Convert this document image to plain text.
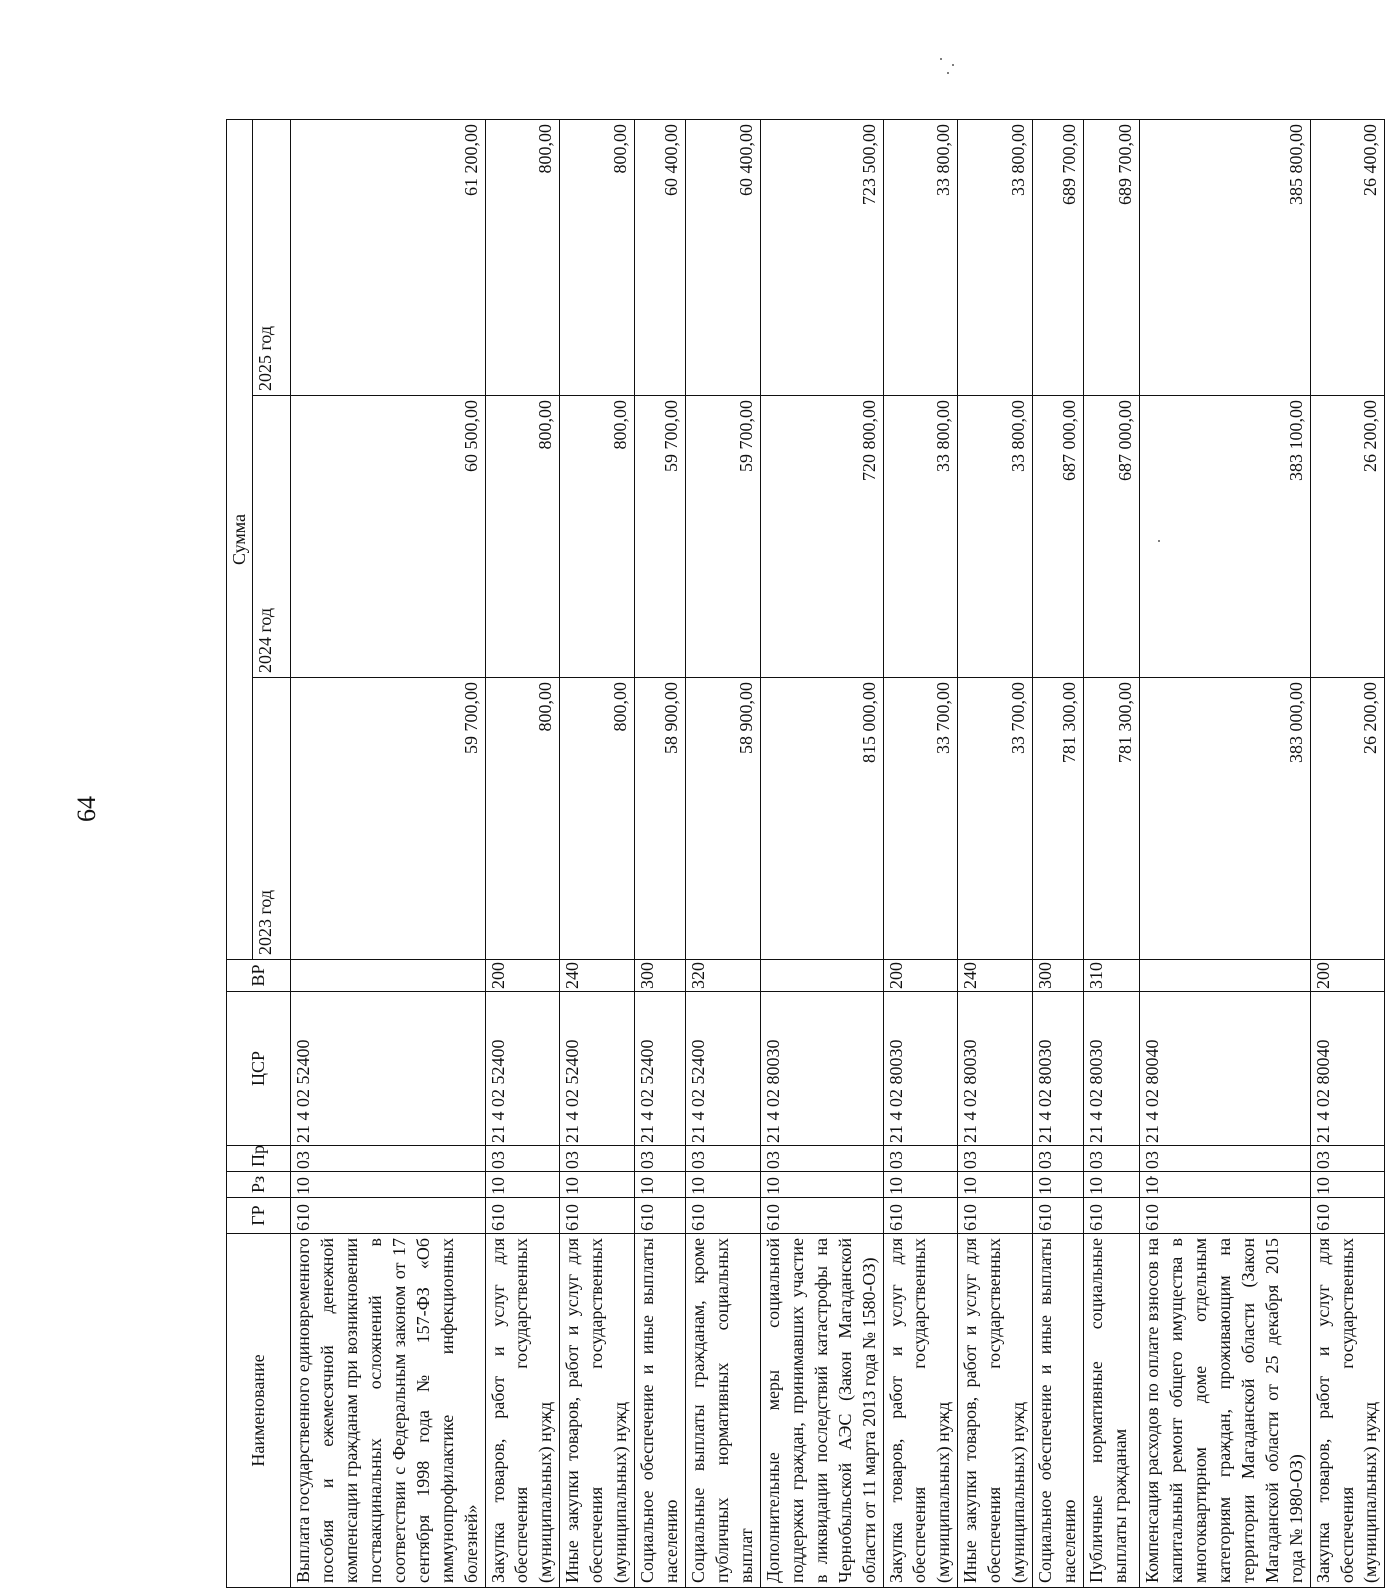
64
Наименование	ГР	Рз	Пр	ЦСР	ВР	Сумма		
						2023 год	2024 год	2025 год
Выплата государственного единовременного пособия и ежемесячной денежной компенсации гражданам при возникновении поствакцинальных осложнений в соответствии с Федеральным законом от 17 сентября 1998 года № 157-ФЗ «Об иммунопрофилактике инфекционных болезней»	610	10	03	21 4 02 52400		59 700,00	60 500,00	61 200,00
Закупка товаров, работ и услуг для обеспечения государственных (муниципальных) нужд	610	10	03	21 4 02 52400	200	800,00	800,00	800,00
Иные закупки товаров, работ и услуг для обеспечения государственных (муниципальных) нужд	610	10	03	21 4 02 52400	240	800,00	800,00	800,00
Социальное обеспечение и иные выплаты населению	610	10	03	21 4 02 52400	300	58 900,00	59 700,00	60 400,00
Социальные выплаты гражданам, кроме публичных нормативных социальных выплат	610	10	03	21 4 02 52400	320	58 900,00	59 700,00	60 400,00
Дополнительные меры социальной поддержки граждан, принимавших участие в ликвидации последствий катастрофы на Чернобыльской АЭС (Закон Магаданской области от 11 марта 2013 года № 1580-ОЗ)	610	10	03	21 4 02 80030		815 000,00	720 800,00	723 500,00
Закупка товаров, работ и услуг для обеспечения государственных (муниципальных) нужд	610	10	03	21 4 02 80030	200	33 700,00	33 800,00	33 800,00
Иные закупки товаров, работ и услуг для обеспечения государственных (муниципальных) нужд	610	10	03	21 4 02 80030	240	33 700,00	33 800,00	33 800,00
Социальное обеспечение и иные выплаты населению	610	10	03	21 4 02 80030	300	781 300,00	687 000,00	689 700,00
Публичные нормативные социальные выплаты гражданам	610	10	03	21 4 02 80030	310	781 300,00	687 000,00	689 700,00
Компенсация расходов по оплате взносов на капитальный ремонт общего имущества в многоквартирном доме отдельным категориям граждан, проживающим на территории Магаданской области (Закон Магаданской области от 25 декабря 2015 года № 1980-ОЗ)	610	10	03	21 4 02 80040		383 000,00	383 100,00	385 800,00
Закупка товаров, работ и услуг для обеспечения государственных (муниципальных) нужд	610	10	03	21 4 02 80040	200	26 200,00	26 200,00	26 400,00
